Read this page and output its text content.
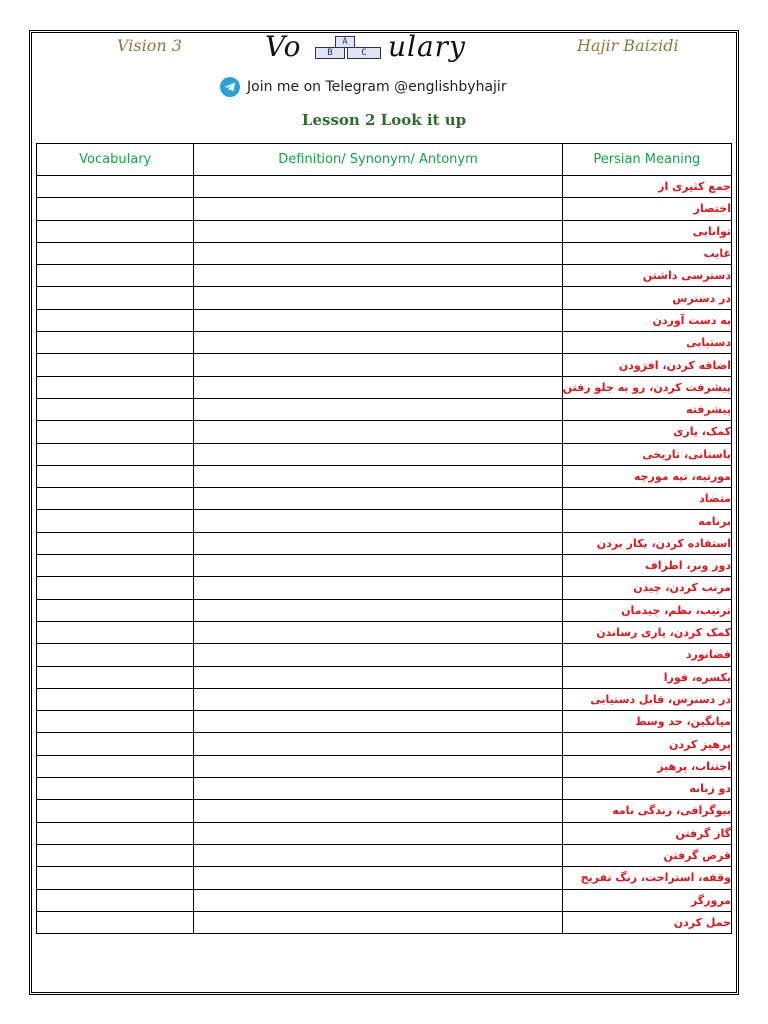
Vision 3	Vo	A
B	C ulary	Hajir Baizidi
Join me on Telegram @englishbyhajir
Lesson 2 Look it up
Vocabulary	Definition/ Synonym/ Antonym	Persian Meaning
		جمع کثیری از
		اختصار
		توانایی
		غایب
		دسترسی داشتن
		در دسترس
		به دست آوردن
		دستیابی
		اضافه کردن، افزودن
		پیشرفت کردن، رو به جلو رفتن
		پیشرفته
		کمک، یاری
		باستانی، تاریخی
		مورتیه، تپه مورچه
		متضاد
		برنامه
		استفاده کردن، بکار بردن
		دور وبر، اطراف
		مرتب کردن، چیدن
		ترتیب، نظم، چیدمان
		کمک کردن، یاری رساندن
		فضانورد
		یکسره، فورا
		در دسترس، قابل دستیابی
		میانگین، حد وسط
		پرهیز کردن
		اجتناب، پرهیز
		دو زبانه
		بیوگرافی، زندگی نامه
		گاز گرفتن
		قرض گرفتن
		وقفه، استراحت، زنگ تفریح
		مرورگر
		حمل کردن
